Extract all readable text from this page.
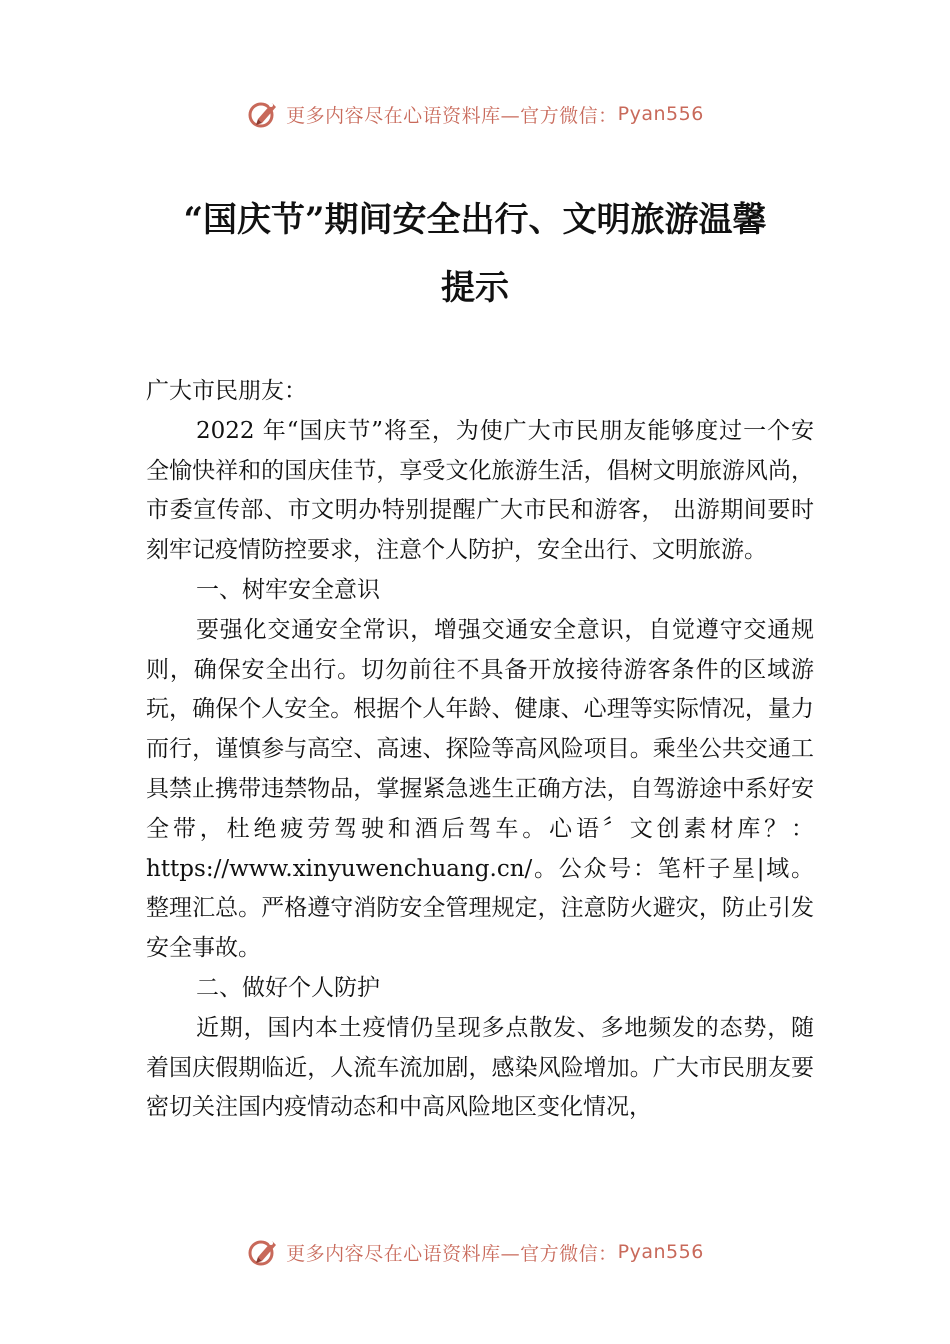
更多内容尽在心语资料库—官方微信： Pyan556
“国庆节”期间安全出行、文明旅游温馨
提示

广大市民朋友：

2022 年“国庆节”将至，为使广大市民朋友能够度过一个安全愉快祥和的国庆佳节，享受文化旅游生活，倡树文明旅游风尚，市委宣传部、市文明办特别提醒广大市民和游客， 出游期间要时刻牢记疫情防控要求，注意个人防护，安全出行、文明旅游。

一、树牢安全意识

要强化交通安全常识，增强交通安全意识，自觉遵守交通规则，确保安全出行。切勿前往不具备开放接待游客条件的区域游玩，确保个人安全。根据个人年龄、健康、心理等实际情况，量力而行，谨慎参与高空、高速、探险等高风险项目。乘坐公共交通工具禁止携带违禁物品，掌握紧急逃生正确方法，自驾游途中系好安全带，杜绝疲劳驾驶和酒后驾车。心语〞文创素材库？：https://www.xinyuwenchuang.cn/。公众号：笔杆子星|域。整理汇总。严格遵守消防安全管理规定，注意防火避灾，防止引发安全事故。

二、做好个人防护

近期，国内本土疫情仍呈现多点散发、多地频发的态势，随着国庆假期临近，人流车流加剧，感染风险增加。广大市民朋友要密切关注国内疫情动态和中高风险地区变化情况，

更多内容尽在心语资料库—官方微信： Pyan556
